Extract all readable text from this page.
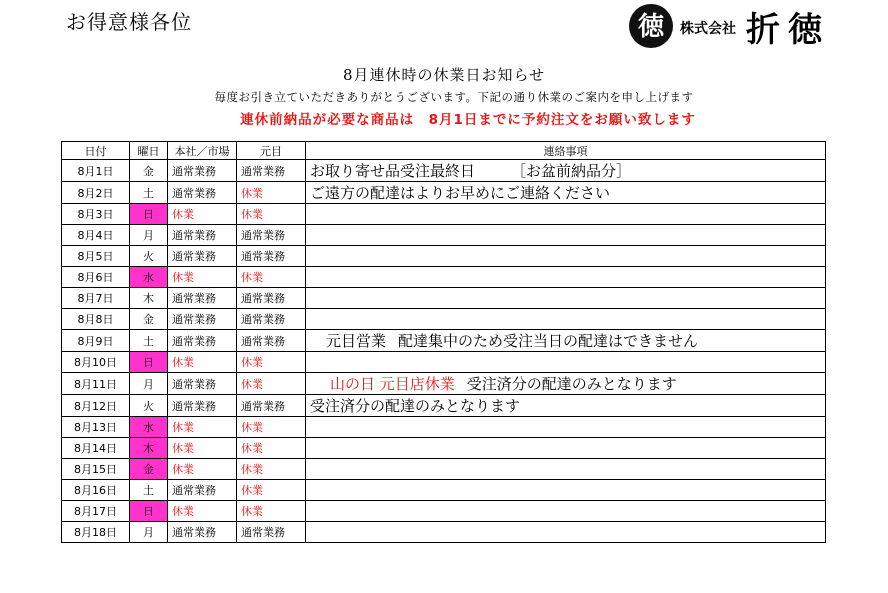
お得意様各位	徳 株式会社 折徳
8月連休時の休業日お知らせ
毎度お引き立ていただきありがとうございます。下記の通り休業のご案内を申し上げます
連休前納品が必要な商品は　8月1日までに予約注文をお願い致します
日付	曜日	本社／市場	元目	連絡事項
8月1日	金	通常業務	通常業務	お取り寄せ品受注最終日 ［お盆前納品分］
8月2日	土	通常業務	休業	ご遠方の配達はよりお早めにご連絡ください
8月3日	日	休業	休業	
8月4日	月	通常業務	通常業務	
8月5日	火	通常業務	通常業務	
8月6日	水	休業	休業	
8月7日	木	通常業務	通常業務	
8月8日	金	通常業務	通常業務	
8月9日	土	通常業務	通常業務	元目営業 配達集中のため受注当日の配達はできません
8月10日	日	休業	休業	
8月11日	月	通常業務	休業	山の日 元目店休業 受注済分の配達のみとなります
8月12日	火	通常業務	通常業務	受注済分の配達のみとなります
8月13日	水	休業	休業	
8月14日	木	休業	休業	
8月15日	金	休業	休業	
8月16日	土	通常業務	休業	
8月17日	日	休業	休業	
8月18日	月	通常業務	通常業務	
